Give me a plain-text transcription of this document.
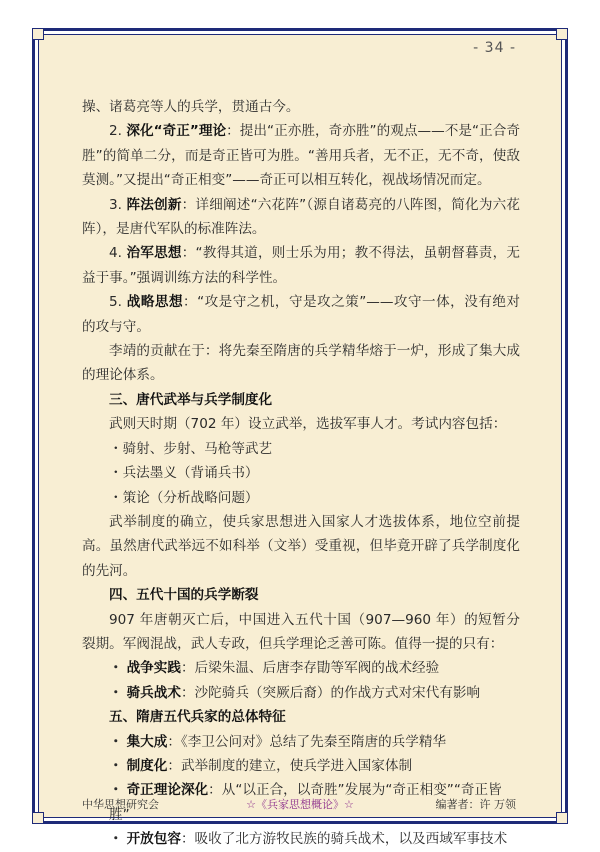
- 34 -

操、诸葛亮等人的兵学，贯通古今。

2. 深化“奇正”理论：提出“正亦胜，奇亦胜”的观点——不是“正合奇胜”的简单二分，而是奇正皆可为胜。“善用兵者，无不正，无不奇，使敌莫测。”又提出“奇正相变”——奇正可以相互转化，视战场情况而定。

3. 阵法创新：详细阐述“六花阵”（源自诸葛亮的八阵图，简化为六花阵），是唐代军队的标准阵法。

4. 治军思想：“教得其道，则士乐为用；教不得法，虽朝督暮责，无益于事。”强调训练方法的科学性。

5. 战略思想：“攻是守之机，守是攻之策”——攻守一体，没有绝对的攻与守。

李靖的贡献在于：将先秦至隋唐的兵学精华熔于一炉，形成了集大成的理论体系。

三、唐代武举与兵学制度化

武则天时期（702 年）设立武举，选拔军事人才。考试内容包括：

・骑射、步射、马枪等武艺

・兵法墨义（背诵兵书）

・策论（分析战略问题）

武举制度的确立，使兵家思想进入国家人才选拔体系，地位空前提高。虽然唐代武举远不如科举（文举）受重视，但毕竟开辟了兵学制度化的先河。

四、五代十国的兵学断裂

907 年唐朝灭亡后，中国进入五代十国（907—960 年）的短暂分裂期。军阀混战，武人专政，但兵学理论乏善可陈。值得一提的只有：

・ 战争实践：后梁朱温、后唐李存勖等军阀的战术经验

・ 骑兵战术：沙陀骑兵（突厥后裔）的作战方式对宋代有影响

五、隋唐五代兵家的总体特征

・ 集大成：《李卫公问对》总结了先秦至隋唐的兵学精华

・ 制度化：武举制度的建立，使兵学进入国家体制

・ 奇正理论深化：从“以正合，以奇胜”发展为“奇正相变”“奇正皆胜”

・ 开放包容：吸收了北方游牧民族的骑兵战术，以及西域军事技术

中华思想研究会	☆《兵家思想概论》☆	编著者：许 万领
